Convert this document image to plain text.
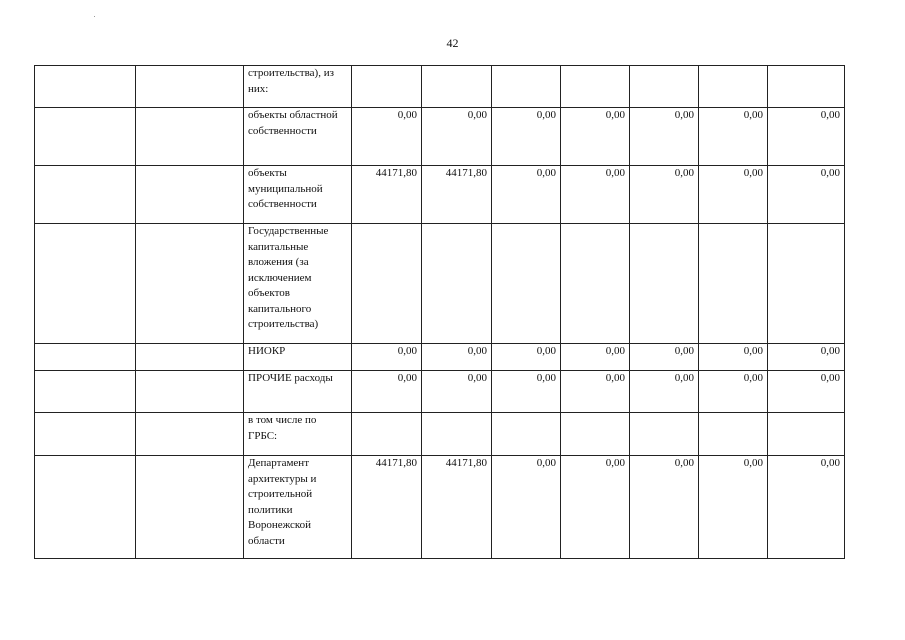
42
		строительства), из них:							
		объекты областной собственности	0,00	0,00	0,00	0,00	0,00	0,00	0,00
		объекты муниципальной собственности	44171,80	44171,80	0,00	0,00	0,00	0,00	0,00
		Государственные капитальные вложения (за исключением объектов капитального строительства)							
		НИОКР	0,00	0,00	0,00	0,00	0,00	0,00	0,00
		ПРОЧИЕ расходы	0,00	0,00	0,00	0,00	0,00	0,00	0,00
		в том числе по ГРБС:							
		Департамент архитектуры и строительной политики Воронежской области	44171,80	44171,80	0,00	0,00	0,00	0,00	0,00
